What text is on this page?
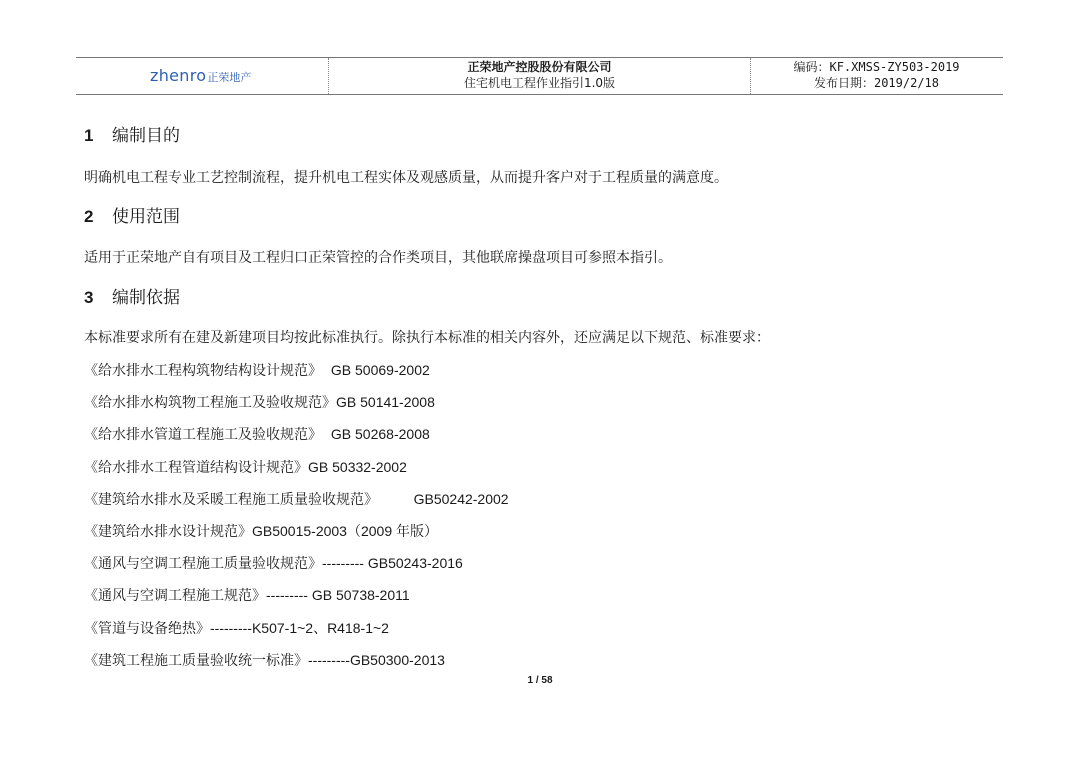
zhenro正荣地产
正荣地产控股股份有限公司
住宅机电工程作业指引1.0版
编码：KF.XMSS-ZY503-2019
发布日期：2019/2/18
1 编制目的
明确机电工程专业工艺控制流程，提升机电工程实体及观感质量，从而提升客户对于工程质量的满意度。
2 使用范围
适用于正荣地产自有项目及工程归口正荣管控的合作类项目，其他联席操盘项目可参照本指引。
3 编制依据
本标准要求所有在建及新建项目均按此标准执行。除执行本标准的相关内容外，还应满足以下规范、标准要求：
《给水排水工程构筑物结构设计规范》 GB 50069-2002
《给水排水构筑物工程施工及验收规范》GB 50141-2008
《给水排水管道工程施工及验收规范》 GB 50268-2008
《给水排水工程管道结构设计规范》GB 50332-2002
《建筑给水排水及采暖工程施工质量验收规范》	GB50242-2002
《建筑给水排水设计规范》GB50015-2003（2009 年版）
《通风与空调工程施工质量验收规范》--------- GB50243-2016
《通风与空调工程施工规范》--------- GB 50738-2011
《管道与设备绝热》---------K507-1~2、R418-1~2
《建筑工程施工质量验收统一标准》---------GB50300-2013
1 / 58
